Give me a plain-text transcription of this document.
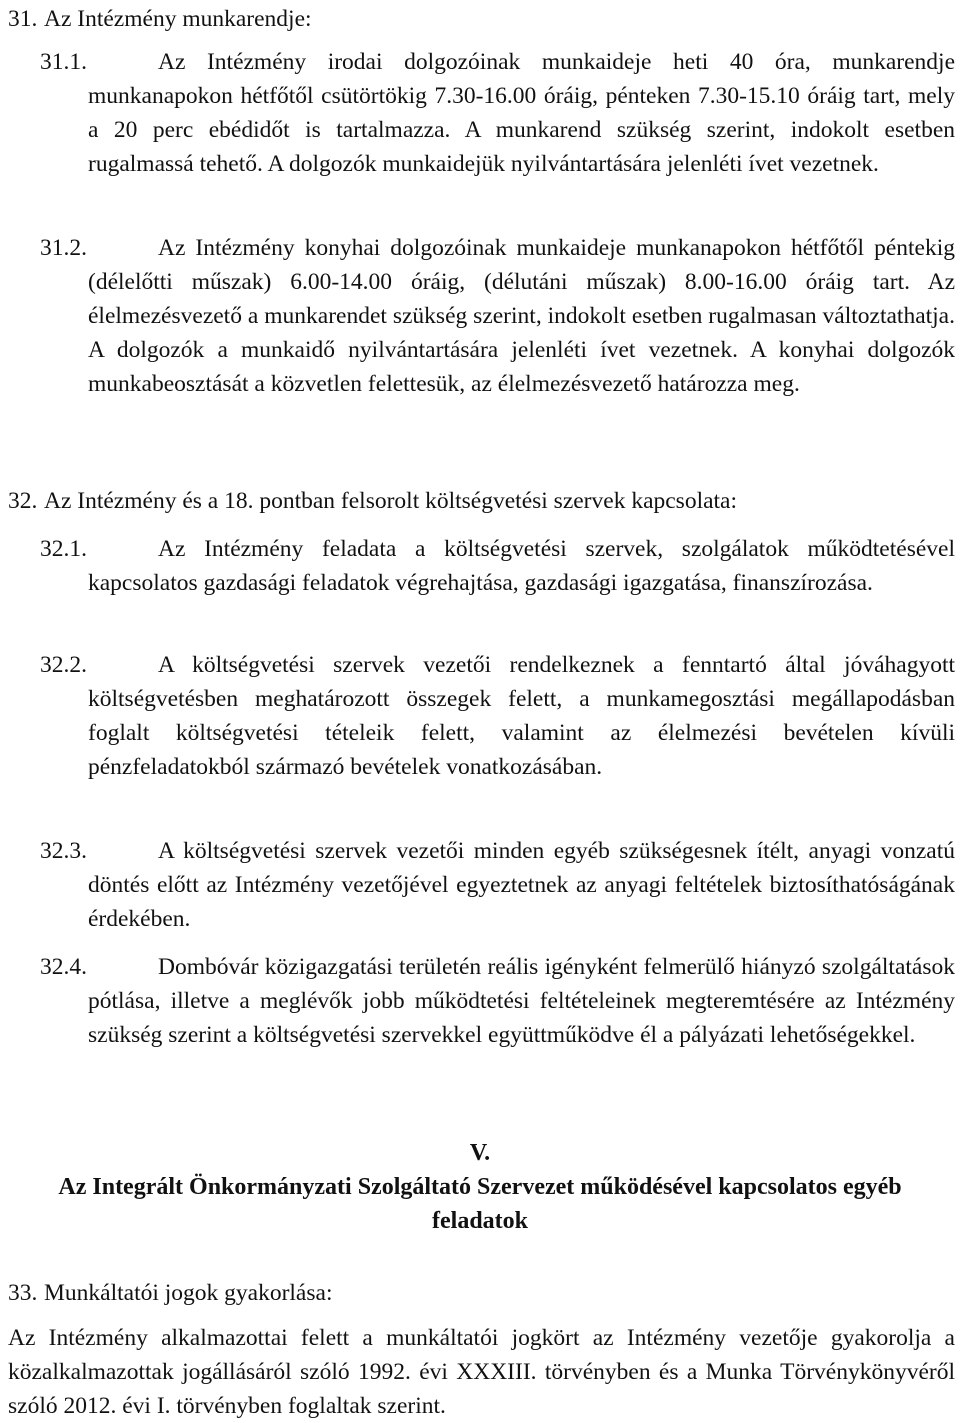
31. Az Intézmény munkarendje:
31.1.	Az Intézmény irodai dolgozóinak munkaideje heti 40 óra, munkarendje munkanapokon hétfőtől csütörtökig 7.30-16.00 óráig, pénteken 7.30-15.10 óráig tart, mely a 20 perc ebédidőt is tartalmazza. A munkarend szükség szerint, indokolt esetben rugalmassá tehető. A dolgozók munkaidejük nyilvántartására jelenléti ívet vezetnek.
31.2.	Az Intézmény konyhai dolgozóinak munkaideje munkanapokon hétfőtől péntekig (délelőtti műszak) 6.00-14.00 óráig, (délutáni műszak) 8.00-16.00 óráig tart. Az élelmezésvezető a munkarendet szükség szerint, indokolt esetben rugalmasan változtathatja. A dolgozók a munkaidő nyilvántartására jelenléti ívet vezetnek. A konyhai dolgozók munkabeosztását a közvetlen felettesük, az élelmezésvezető határozza meg.
32. Az Intézmény és a 18. pontban felsorolt költségvetési szervek kapcsolata:
32.1.	Az Intézmény feladata a költségvetési szervek, szolgálatok működtetésével kapcsolatos gazdasági feladatok végrehajtása, gazdasági igazgatása, finanszírozása.
32.2.	A költségvetési szervek vezetői rendelkeznek a fenntartó által jóváhagyott költségvetésben meghatározott összegek felett, a munkamegosztási megállapodásban foglalt költségvetési tételeik felett, valamint az élelmezési bevételen kívüli pénzfeladatokból származó bevételek vonatkozásában.
32.3.	A költségvetési szervek vezetői minden egyéb szükségesnek ítélt, anyagi vonzatú döntés előtt az Intézmény vezetőjével egyeztetnek az anyagi feltételek biztosíthatóságának érdekében.
32.4.	Dombóvár közigazgatási területén reális igényként felmerülő hiányzó szolgáltatások pótlása, illetve a meglévők jobb működtetési feltételeinek megteremtésére az Intézmény szükség szerint a költségvetési szervekkel együttműködve él a pályázati lehetőségekkel.
V.
Az Integrált Önkormányzati Szolgáltató Szervezet működésével kapcsolatos egyéb feladatok
33. Munkáltatói jogok gyakorlása:
Az Intézmény alkalmazottai felett a munkáltatói jogkört az Intézmény vezetője gyakorolja a közalkalmazottak jogállásáról szóló 1992. évi XXXIII. törvényben és a Munka Törvénykönyvéről szóló 2012. évi I. törvényben foglaltak szerint.
